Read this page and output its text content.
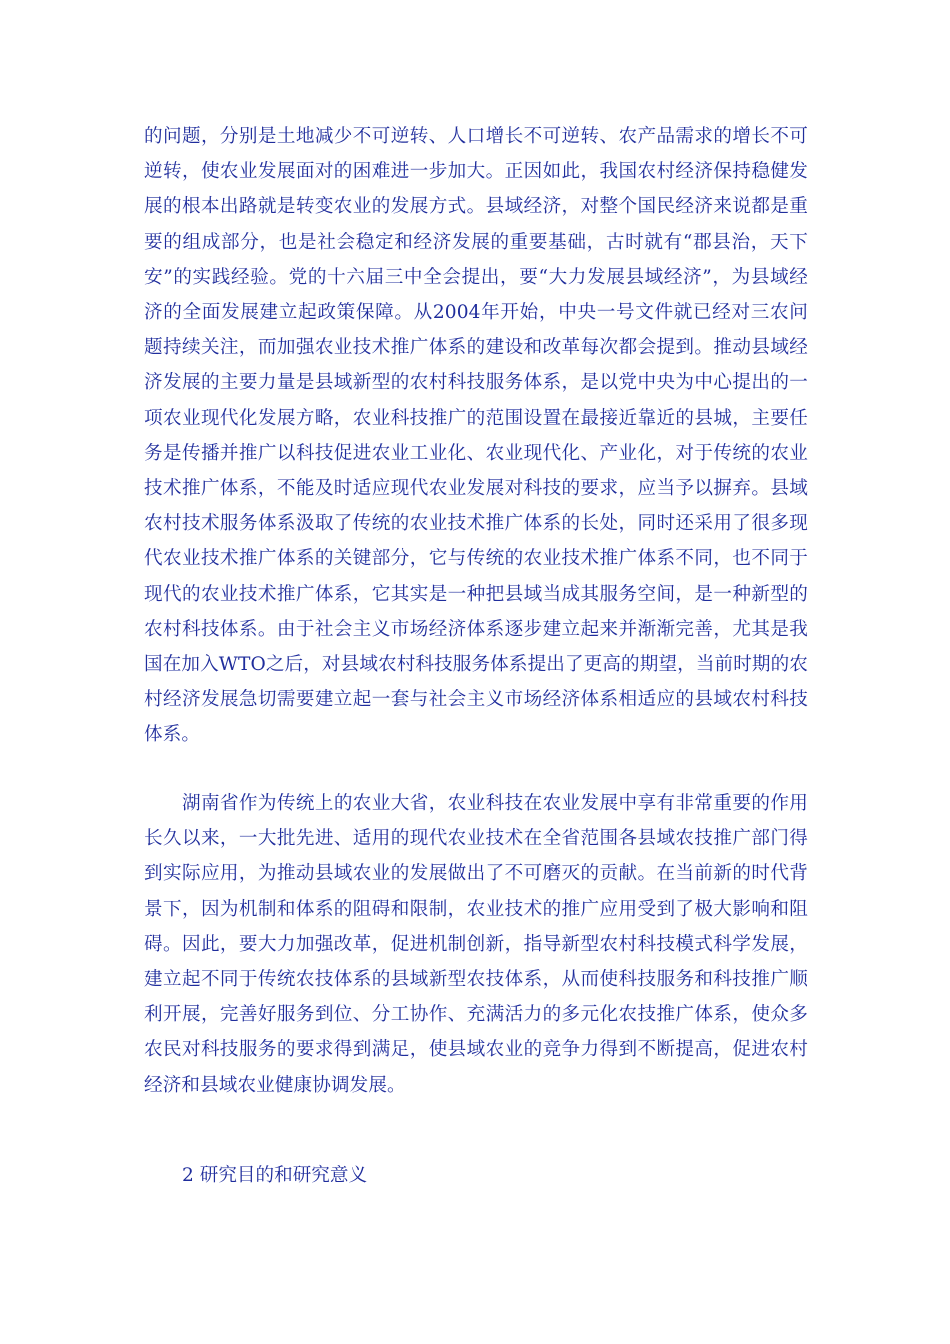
的问题，分别是土地减少不可逆转、人口增长不可逆转、农产品需求的增长不可逆转，使农业发展面对的困难进一步加大。正因如此，我国农村经济保持稳健发展的根本出路就是转变农业的发展方式。县域经济，对整个国民经济来说都是重要的组成部分，也是社会稳定和经济发展的重要基础，古时就有“郡县治，天下安”的实践经验。党的十六届三中全会提出，要“大力发展县域经济”，为县域经济的全面发展建立起政策保障。从2004年开始，中央一号文件就已经对三农问题持续关注，而加强农业技术推广体系的建设和改革每次都会提到。推动县域经济发展的主要力量是县域新型的农村科技服务体系，是以党中央为中心提出的一项农业现代化发展方略，农业科技推广的范围设置在最接近靠近的县城，主要任务是传播并推广以科技促进农业工业化、农业现代化、产业化，对于传统的农业技术推广体系，不能及时适应现代农业发展对科技的要求，应当予以摒弃。县域农村技术服务体系汲取了传统的农业技术推广体系的长处，同时还采用了很多现代农业技术推广体系的关键部分，它与传统的农业技术推广体系不同，也不同于现代的农业技术推广体系，它其实是一种把县域当成其服务空间，是一种新型的农村科技体系。由于社会主义市场经济体系逐步建立起来并渐渐完善，尤其是我国在加入WTO之后，对县域农村科技服务体系提出了更高的期望，当前时期的农村经济发展急切需要建立起一套与社会主义市场经济体系相适应的县域农村科技体系。

湖南省作为传统上的农业大省，农业科技在农业发展中享有非常重要的作用长久以来，一大批先进、适用的现代农业技术在全省范围各县域农技推广部门得到实际应用，为推动县域农业的发展做出了不可磨灭的贡献。在当前新的时代背景下，因为机制和体系的阻碍和限制，农业技术的推广应用受到了极大影响和阻碍。因此，要大力加强改革，促进机制创新，指导新型农村科技模式科学发展，建立起不同于传统农技体系的县域新型农技体系，从而使科技服务和科技推广顺利开展，完善好服务到位、分工协作、充满活力的多元化农技推广体系，使众多农民对科技服务的要求得到满足，使县域农业的竞争力得到不断提高，促进农村经济和县域农业健康协调发展。

2 研究目的和研究意义
